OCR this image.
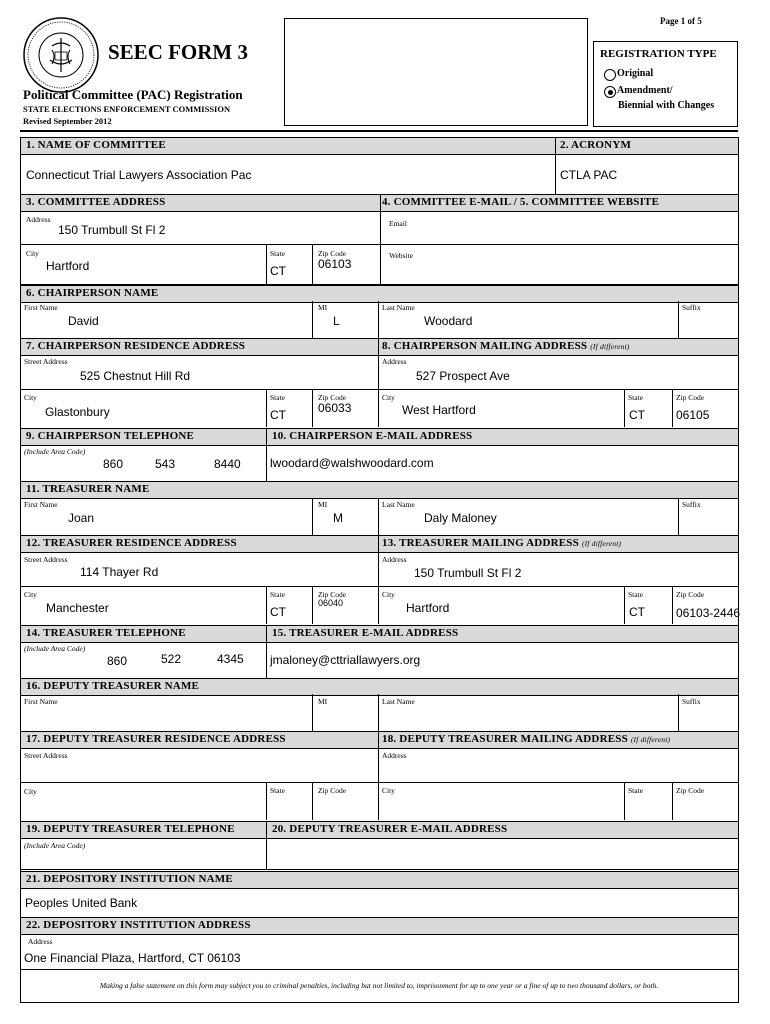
SEEC FORM 3
Political Committee (PAC) Registration
STATE ELECTIONS ENFORCEMENT COMMISSION
Revised September 2012
Page 1 of 5
REGISTRATION TYPE
Original
Amendment/
Biennial with Changes
1. NAME OF COMMITTEE	2. ACRONYM
Connecticut Trial Lawyers Association Pac	CTLA PAC
3. COMMITTEE ADDRESS	4. COMMITTEE E-MAIL / 5. COMMITTEE WEBSITE
Address
150 Trumbull St Fl 2
City
Hartford
State
CT
Zip Code
06103
Email
Website
6. CHAIRPERSON NAME
First Name
David
MI
L
Last Name
Woodard
Suffix
7. CHAIRPERSON RESIDENCE ADDRESS	8. CHAIRPERSON MAILING ADDRESS (If different)
Street Address
525 Chestnut Hill Rd
Address
527 Prospect Ave
City
Glastonbury
State
CT
Zip Code
06033
City
West Hartford
State
CT
Zip Code
06105
9. CHAIRPERSON TELEPHONE	10. CHAIRPERSON E-MAIL ADDRESS
(Include Area Code)
860	543	8440 lwoodard@walshwoodard.com
11. TREASURER NAME
First Name
Joan
MI
M
Last Name
Daly Maloney
Suffix
12. TREASURER RESIDENCE ADDRESS	13. TREASURER MAILING ADDRESS (If different)
Street Address
114 Thayer Rd
Address
150 Trumbull St Fl 2
City
Manchester
State
CT
Zip Code
06040
City
Hartford
State
CT
Zip Code
06103-2446
14. TREASURER TELEPHONE	15. TREASURER E-MAIL ADDRESS
(Include Area Code)
860	522	4345 jmaloney@cttriallawyers.org
16. DEPUTY TREASURER NAME
First Name	MI	Last Name	Suffix
17. DEPUTY TREASURER RESIDENCE ADDRESS	18. DEPUTY TREASURER MAILING ADDRESS (If different)
Street Address	Address
City	State	Zip Code	City	State	Zip Code
19. DEPUTY TREASURER TELEPHONE	20. DEPUTY TREASURER E-MAIL ADDRESS
(Include Area Code)
21. DEPOSITORY INSTITUTION NAME
Peoples United Bank
22. DEPOSITORY INSTITUTION ADDRESS
Address
One Financial Plaza, Hartford, CT 06103
Making a false statement on this form may subject you to criminal penalties, including but not limited to, imprisonment for up to one year or a fine of up to two thousand dollars, or both.
